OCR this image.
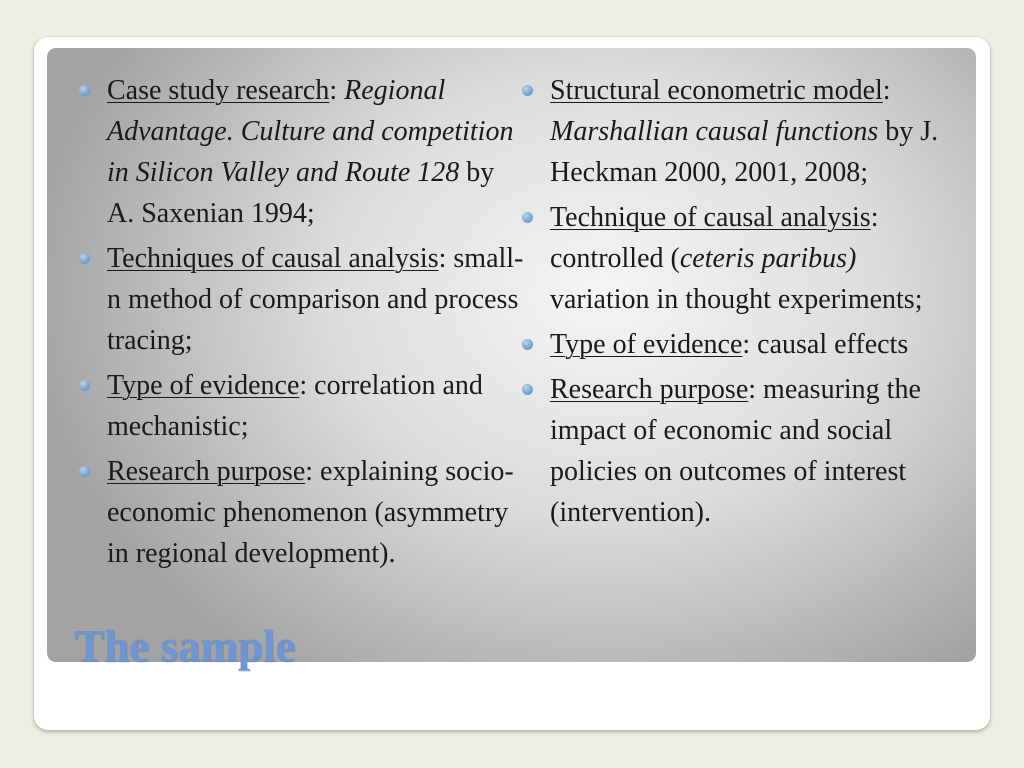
Case study research: Regional Advantage. Culture and competition in Silicon Valley and Route 128 by A. Saxenian 1994;
Techniques of causal analysis: small-n method of comparison and process tracing;
Type of evidence: correlation and mechanistic;
Research purpose: explaining socio-economic phenomenon (asymmetry in regional development).
Structural econometric model: Marshallian causal functions by J. Heckman 2000, 2001, 2008;
Technique of causal analysis: controlled (ceteris paribus) variation in thought experiments;
Type of evidence: causal effects
Research purpose: measuring the impact of economic and social policies on outcomes of interest (intervention).
The sample
